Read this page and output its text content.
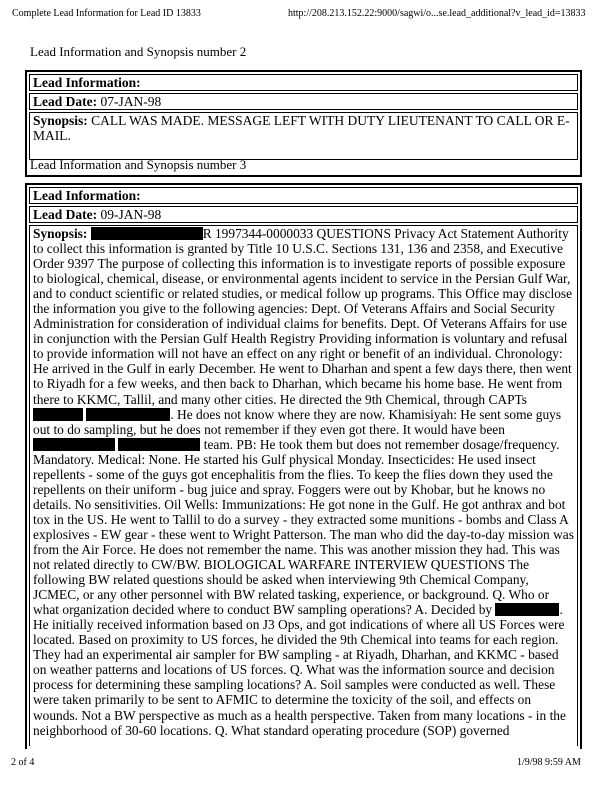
Complete Lead Information for Lead ID 13833	http://208.213.152.22:9000/sagwi/o...se.lead_additional?v_lead_id=13833
Lead Information and Synopsis number 2
Lead Information:
Lead Date: 07-JAN-98
Synopsis: CALL WAS MADE. MESSAGE LEFT WITH DUTY LIEUTENANT TO CALL OR E-MAIL.
Lead Information and Synopsis number 3
Lead Information:
Lead Date: 09-JAN-98
Synopsis:	R 1997344-0000033 QUESTIONS Privacy Act Statement Authority to collect this information is granted by Title 10 U.S.C. Sections 131, 136 and 2358, and Executive Order 9397 The purpose of collecting this information is to investigate reports of possible exposure to biological, chemical, disease, or environmental agents incident to service in the Persian Gulf War, and to conduct scientific or related studies, or medical follow up programs. This Office may disclose the information you give to the following agencies: Dept. Of Veterans Affairs and Social Security Administration for consideration of individual claims for benefits. Dept. Of Veterans Affairs for use in conjunction with the Persian Gulf Health Registry Providing information is voluntary and refusal to provide information will not have an effect on any right or benefit of an individual. Chronology: He arrived in the Gulf in early December. He went to Dharhan and spent a few days there, then went to Riyadh for a few weeks, and then back to Dharhan, which became his home base. He went from there to KKMC, Tallil, and many other cities. He directed the 9th Chemical, through CAPTs  . He does not know where they are now. Khamisiyah: He sent some guys out to do sampling, but he does not remember if they even got there. It would have been   team. PB: He took them but does not remember dosage/frequency. Mandatory. Medical: None. He started his Gulf physical Monday. Insecticides: He used insect repellents - some of the guys got encephalitis from the flies. To keep the flies down they used the repellents on their uniform - bug juice and spray. Foggers were out by Khobar, but he knows no details. No sensitivities. Oil Wells: Immunizations: He got none in the Gulf. He got anthrax and bot tox in the US. He went to Tallil to do a survey - they extracted some munitions - bombs and Class A explosives - EW gear - these went to Wright Patterson. The man who did the day-to-day mission was from the Air Force. He does not remember the name. This was another mission they had. This was not related directly to CW/BW. BIOLOGICAL WARFARE INTERVIEW QUESTIONS The following BW related questions should be asked when interviewing 9th Chemical Company, JCMEC, or any other personnel with BW related tasking, experience, or background. Q. Who or what organization decided where to conduct BW sampling operations? A. Decided by	. He initially received information based on J3 Ops, and got indications of where all US Forces were located. Based on proximity to US forces, he divided the 9th Chemical into teams for each region. They had an experimental air sampler for BW sampling - at Riyadh, Dharhan, and KKMC - based on weather patterns and locations of US forces. Q. What was the information source and decision process for determining these sampling locations? A. Soil samples were conducted as well. These were taken primarily to be sent to AFMIC to determine the toxicity of the soil, and effects on wounds. Not a BW perspective as much as a health perspective. Taken from many locations - in the neighborhood of 30-60 locations. Q. What standard operating procedure (SOP) governed
2 of 4	1/9/98 9:59 AM
